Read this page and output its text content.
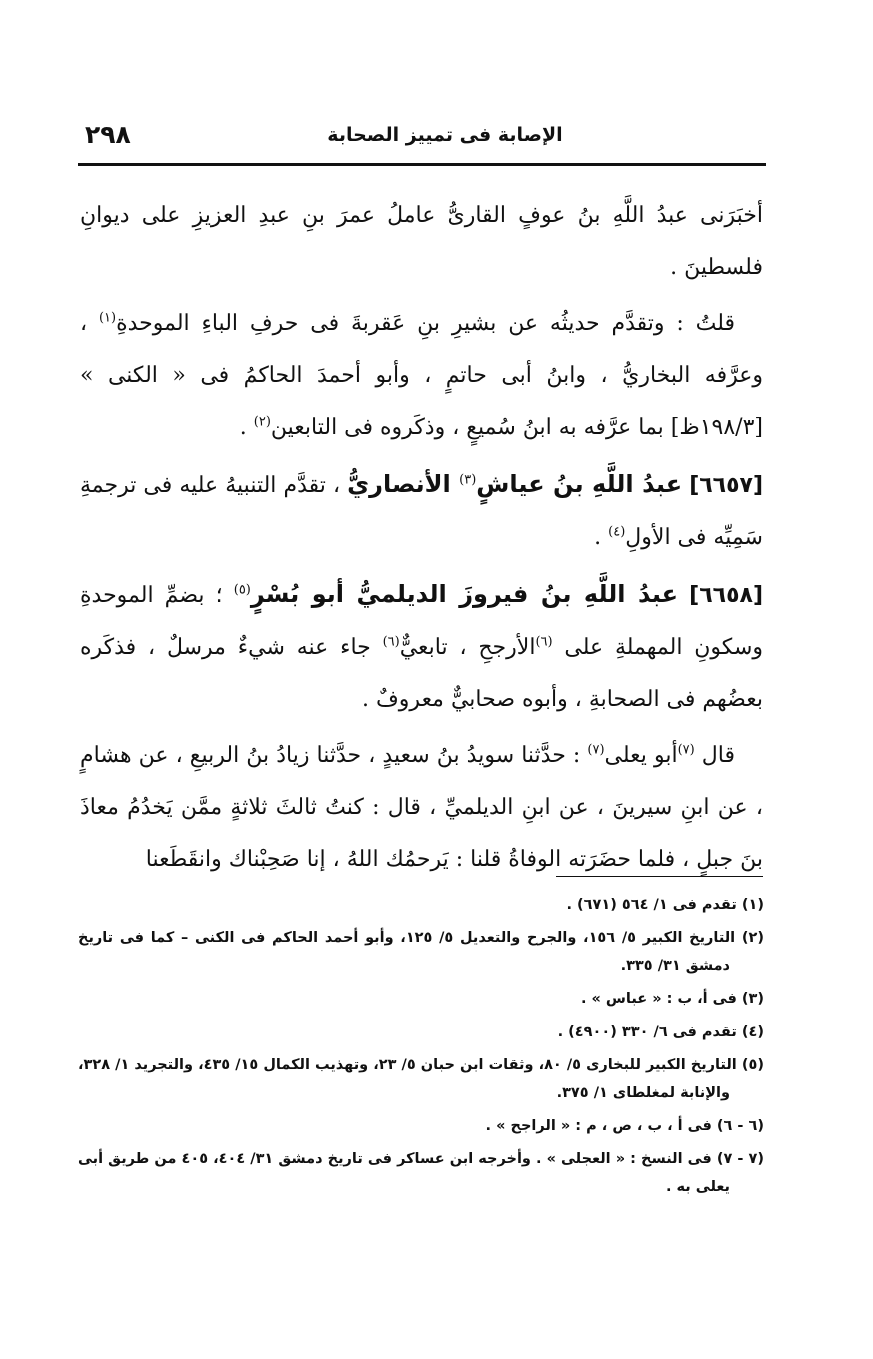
٢٩٨	الإصابة فى تمييز الصحابة

أخبَرَنى عبدُ اللَّهِ بنُ عوفٍ القارىُّ عاملُ عمرَ بنِ عبدِ العزيزِ على ديوانِ فلسطينَ .

قلتُ : وتقدَّم حديثُه عن بشيرِ بنِ عَقربةَ فى حرفِ الباءِ الموحدةِ$^{(١)}$ ، وعرَّفه البخاريُّ ، وابنُ أبى حاتمٍ ، وأبو أحمدَ الحاكمُ فى « الكنى » [١٩٨/٣ظ] بما عرَّفه به ابنُ سُميعٍ ، وذكَروه فى التابعين$^{(٢)}$ .

[٦٦٥٧] عبدُ اللَّهِ بنُ عياشٍ$^{(٣)}$ الأنصاريُّ ، تقدَّم التنبيهُ عليه فى ترجمةِ سَمِيِّه فى الأولِ$^{(٤)}$ .

[٦٦٥٨] عبدُ اللَّهِ بنُ فيروزَ الديلميُّ أبو بُسْرٍ$^{(٥)}$ ؛ بضمِّ الموحدةِ وسكونِ المهملةِ على $^{(٦)}$الأرجحِ ، تابعيٌّ$^{(٦)}$ جاء عنه شيءٌ مرسلٌ ، فذكَره بعضُهم فى الصحابةِ ، وأبوه صحابيٌّ معروفٌ .

قال $^{(٧)}$أبو يعلى$^{(٧)}$ : حدَّثنا سويدُ بنُ سعيدٍ ، حدَّثنا زيادُ بنُ الربيعِ ، عن هشامٍ ، عن ابنِ سيرينَ ، عن ابنِ الديلميِّ ، قال : كنتُ ثالثَ ثلاثةٍ ممَّن يَخدُمُ معاذَ بنَ جبلٍ ، فلما حضَرَته الوفاةُ قلنا : يَرحمُك اللهُ ، إنا صَحِبْناك وانقَطَعنا

(١) تقدم فى ١/ ٥٦٤ (٦٧١) .

(٢) التاريخ الكبير ٥/ ١٥٦، والجرح والتعديل ٥/ ١٢٥، وأبو أحمد الحاكم فى الكنى – كما فى تاريخ دمشق ٣١/ ٣٣٥.

(٣) فى أ، ب : « عباس » .

(٤) تقدم فى ٦/ ٣٣٠ (٤٩٠٠) .

(٥) التاريخ الكبير للبخارى ٥/ ٨٠، وثقات ابن حبان ٥/ ٢٣، وتهذيب الكمال ١٥/ ٤٣٥، والتجريد ١/ ٣٢٨، والإنابة لمغلطاى ١/ ٣٧٥.

(٦ - ٦) فى أ ، ب ، ص ، م : « الراجح » .

(٧ - ٧) فى النسخ : « العجلى » . وأخرجه ابن عساكر فى تاريخ دمشق ٣١/ ٤٠٤، ٤٠٥ من طريق أبى يعلى به .
